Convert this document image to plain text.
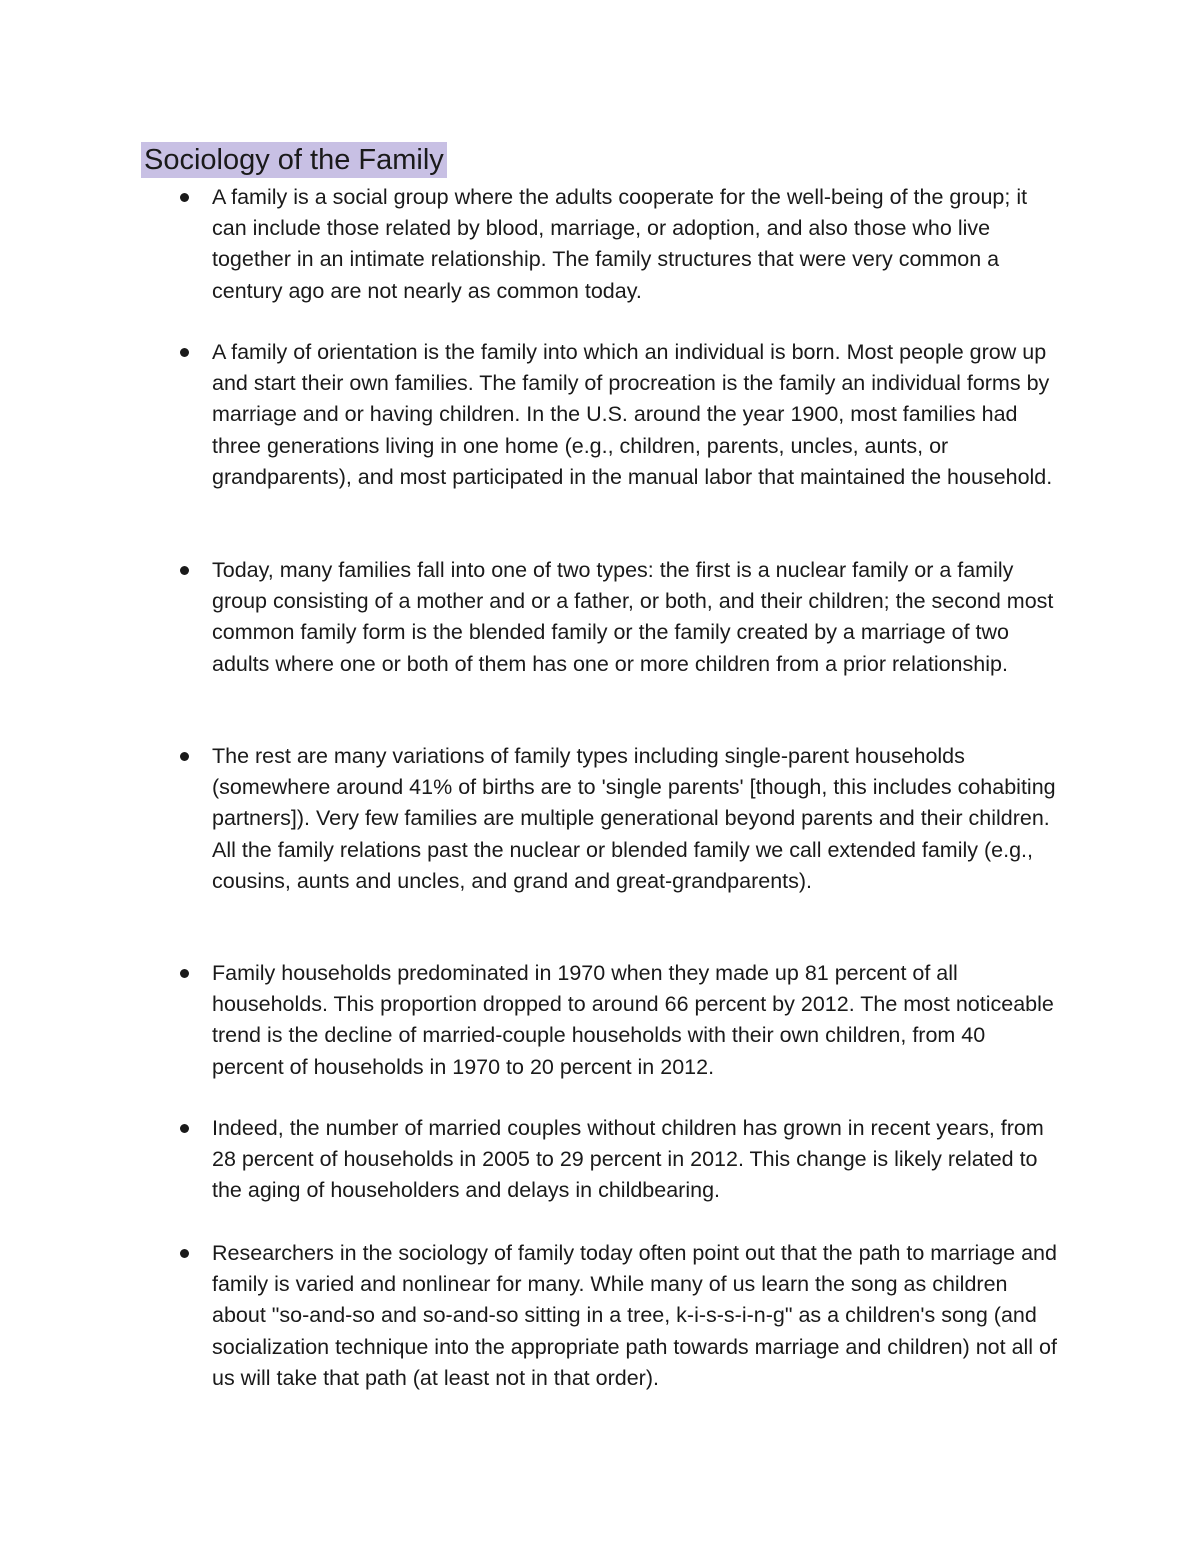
Sociology of the Family

A family is a social group where the adults cooperate for the well-being of the group; it can include those related by blood, marriage, or adoption, and also those who live together in an intimate relationship. The family structures that were very common a century ago are not nearly as common today.

A family of orientation is the family into which an individual is born. Most people grow up and start their own families. The family of procreation is the family an individual forms by marriage and or having children. In the U.S. around the year 1900, most families had three generations living in one home (e.g., children, parents, uncles, aunts, or grandparents), and most participated in the manual labor that maintained the household.

Today, many families fall into one of two types: the first is a nuclear family or a family group consisting of a mother and or a father, or both, and their children; the second most common family form is the blended family or the family created by a marriage of two adults where one or both of them has one or more children from a prior relationship.

The rest are many variations of family types including single-parent households (somewhere around 41% of births are to 'single parents' [though, this includes cohabiting partners]). Very few families are multiple generational beyond parents and their children. All the family relations past the nuclear or blended family we call extended family (e.g., cousins, aunts and uncles, and grand and great-grandparents).

Family households predominated in 1970 when they made up 81 percent of all households. This proportion dropped to around 66 percent by 2012. The most noticeable trend is the decline of married-couple households with their own children, from 40 percent of households in 1970 to 20 percent in 2012.

Indeed, the number of married couples without children has grown in recent years, from 28 percent of households in 2005 to 29 percent in 2012. This change is likely related to the aging of householders and delays in childbearing.

Researchers in the sociology of family today often point out that the path to marriage and family is varied and nonlinear for many. While many of us learn the song as children about "so-and-so and so-and-so sitting in a tree, k-i-s-s-i-n-g" as a children's song (and socialization technique into the appropriate path towards marriage and children) not all of us will take that path (at least not in that order).
